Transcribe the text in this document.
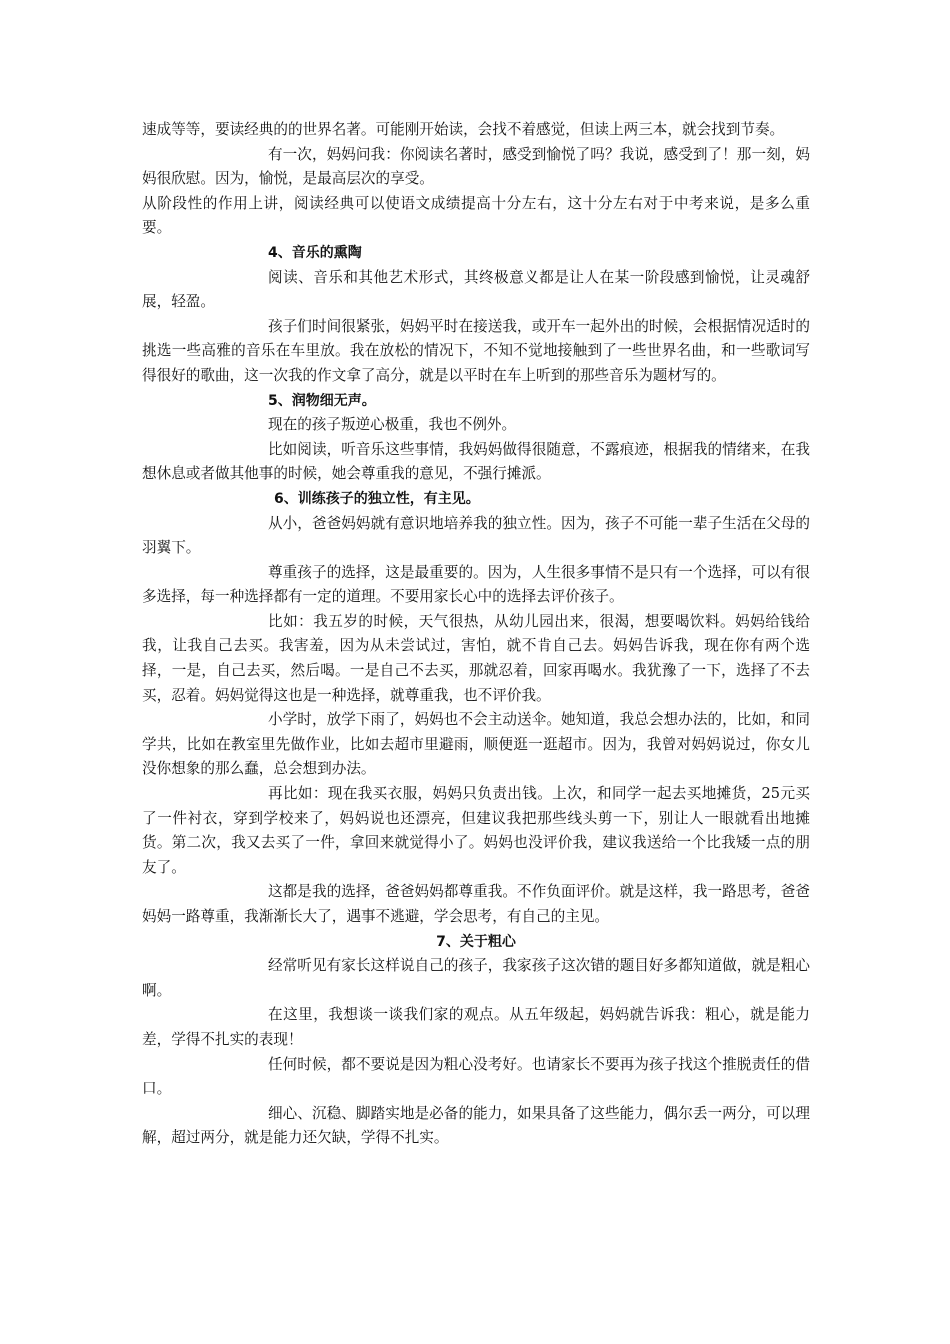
速成等等，要读经典的的世界名著。可能刚开始读，会找不着感觉，但读上两三本，就会找到节奏。

有一次，妈妈问我：你阅读名著时，感受到愉悦了吗？我说，感受到了！那一刻，妈妈很欣慰。因为，愉悦，是最高层次的享受。

从阶段性的作用上讲，阅读经典可以使语文成绩提高十分左右，这十分左右对于中考来说，是多么重要。

4、音乐的熏陶

阅读、音乐和其他艺术形式，其终极意义都是让人在某一阶段感到愉悦，让灵魂舒展，轻盈。

孩子们时间很紧张，妈妈平时在接送我，或开车一起外出的时候，会根据情况适时的挑选一些高雅的音乐在车里放。我在放松的情况下，不知不觉地接触到了一些世界名曲，和一些歌词写得很好的歌曲，这一次我的作文拿了高分，就是以平时在车上听到的那些音乐为题材写的。

5、润物细无声。

现在的孩子叛逆心极重，我也不例外。

比如阅读，听音乐这些事情，我妈妈做得很随意，不露痕迹，根据我的情绪来，在我想休息或者做其他事的时候，她会尊重我的意见，不强行摊派。

6、训练孩子的独立性，有主见。

从小，爸爸妈妈就有意识地培养我的独立性。因为，孩子不可能一辈子生活在父母的羽翼下。

尊重孩子的选择，这是最重要的。因为，人生很多事情不是只有一个选择，可以有很多选择，每一种选择都有一定的道理。不要用家长心中的选择去评价孩子。

比如：我五岁的时候，天气很热，从幼儿园出来，很渴，想要喝饮料。妈妈给钱给我，让我自己去买。我害羞，因为从未尝试过，害怕，就不肯自己去。妈妈告诉我，现在你有两个选择，一是，自己去买，然后喝。一是自己不去买，那就忍着，回家再喝水。我犹豫了一下，选择了不去买，忍着。妈妈觉得这也是一种选择，就尊重我，也不评价我。

小学时，放学下雨了，妈妈也不会主动送伞。她知道，我总会想办法的，比如，和同学共，比如在教室里先做作业，比如去超市里避雨，顺便逛一逛超市。因为，我曾对妈妈说过，你女儿没你想象的那么蠢，总会想到办法。

再比如：现在我买衣服，妈妈只负责出钱。上次，和同学一起去买地摊货，25元买了一件衬衣，穿到学校来了，妈妈说也还漂亮，但建议我把那些线头剪一下，别让人一眼就看出地摊货。第二次，我又去买了一件，拿回来就觉得小了。妈妈也没评价我，建议我送给一个比我矮一点的朋友了。

这都是我的选择，爸爸妈妈都尊重我。不作负面评价。就是这样，我一路思考，爸爸妈妈一路尊重，我渐渐长大了，遇事不逃避，学会思考，有自己的主见。

7、关于粗心

经常听见有家长这样说自己的孩子，我家孩子这次错的题目好多都知道做，就是粗心啊。

在这里，我想谈一谈我们家的观点。从五年级起，妈妈就告诉我：粗心，就是能力差，学得不扎实的表现！

任何时候，都不要说是因为粗心没考好。也请家长不要再为孩子找这个推脱责任的借口。

细心、沉稳、脚踏实地是必备的能力，如果具备了这些能力，偶尔丢一两分，可以理解，超过两分，就是能力还欠缺，学得不扎实。
